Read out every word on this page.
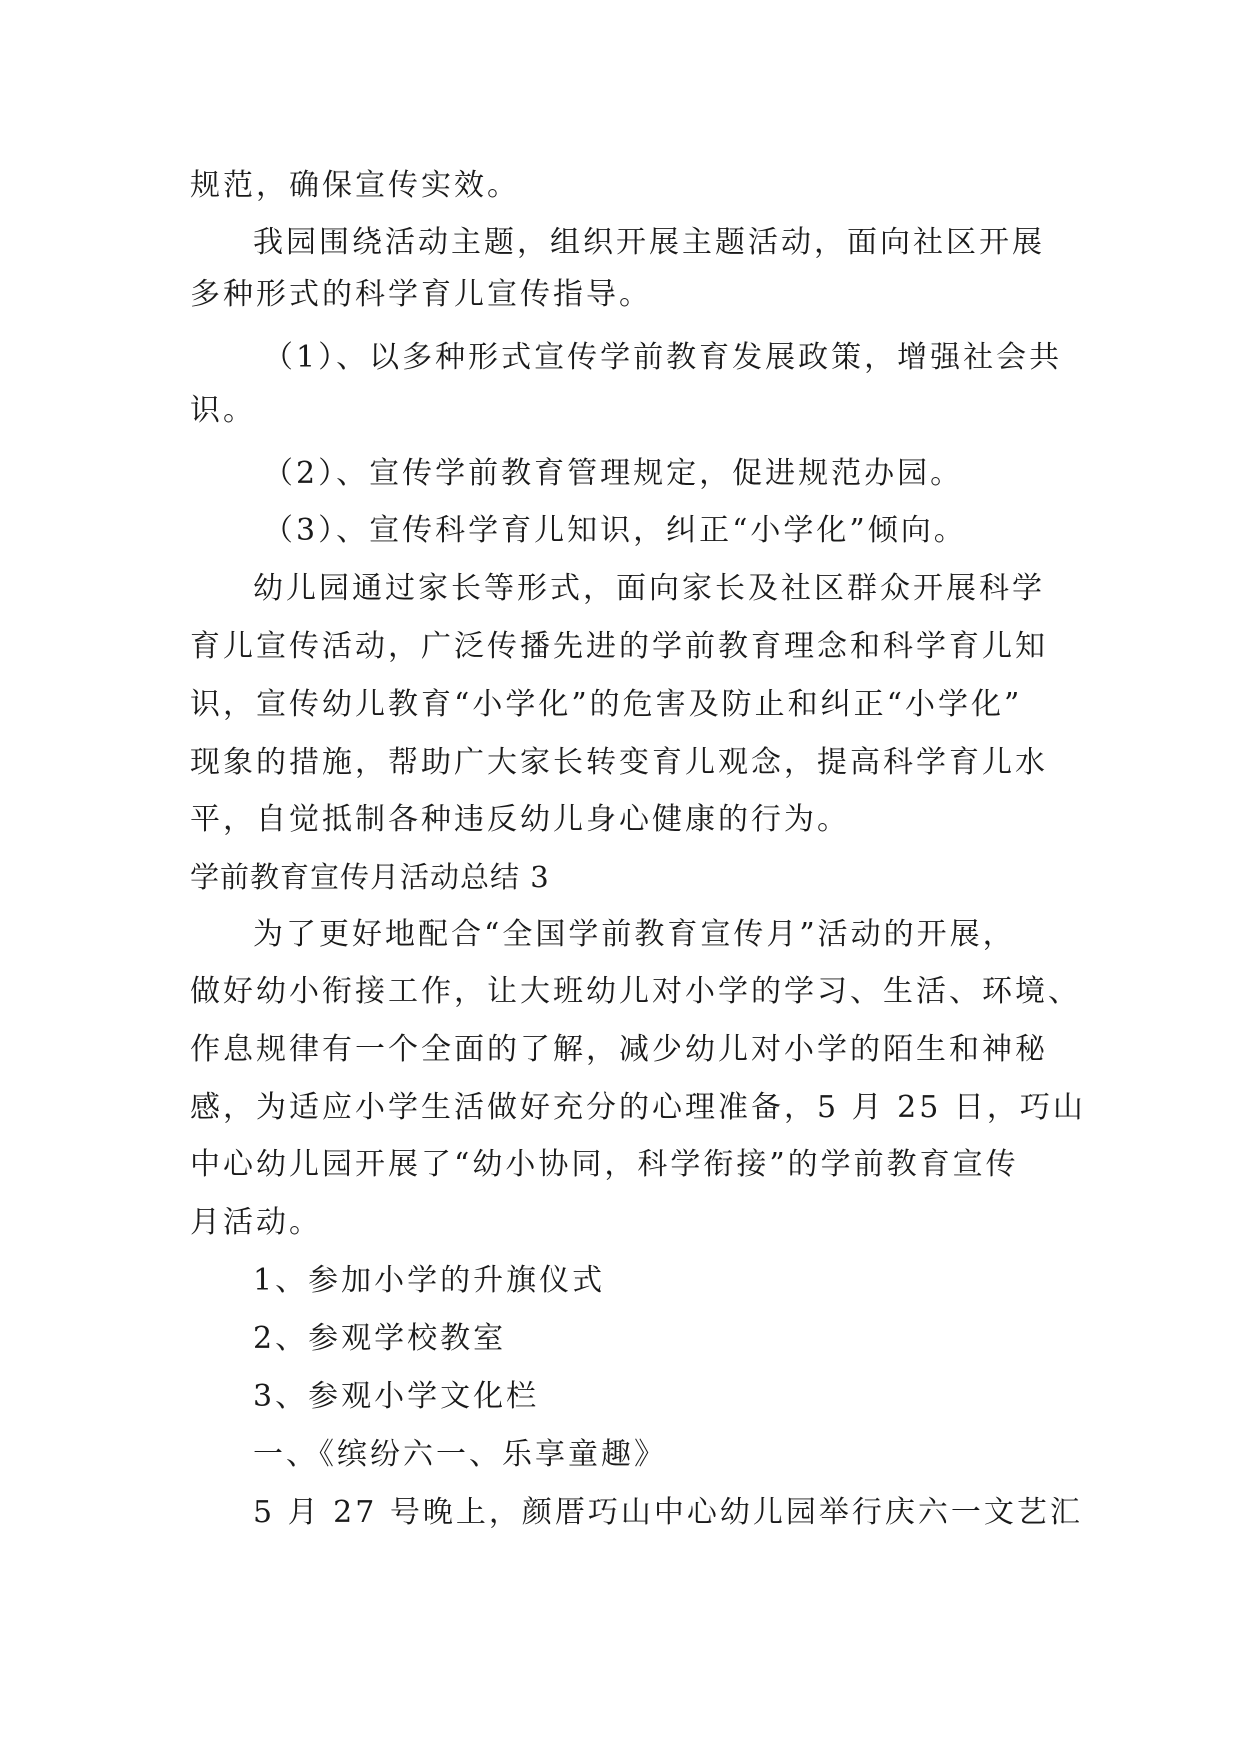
规范，确保宣传实效。
我园围绕活动主题，组织开展主题活动，面向社区开展
多种形式的科学育儿宣传指导。
（1）、以多种形式宣传学前教育发展政策，增强社会共
识。
（2）、宣传学前教育管理规定，促进规范办园。
（3）、宣传科学育儿知识，纠正“小学化”倾向。
幼儿园通过家长等形式，面向家长及社区群众开展科学
育儿宣传活动，广泛传播先进的学前教育理念和科学育儿知
识，宣传幼儿教育“小学化”的危害及防止和纠正“小学化”
现象的措施，帮助广大家长转变育儿观念，提高科学育儿水
平，自觉抵制各种违反幼儿身心健康的行为。
学前教育宣传月活动总结 3
为了更好地配合“全国学前教育宣传月”活动的开展，
做好幼小衔接工作，让大班幼儿对小学的学习、生活、环境、
作息规律有一个全面的了解，减少幼儿对小学的陌生和神秘
感，为适应小学生活做好充分的心理准备，5 月 25 日，巧山
中心幼儿园开展了“幼小协同，科学衔接”的学前教育宣传
月活动。
1、参加小学的升旗仪式
2、参观学校教室
3、参观小学文化栏
一、《缤纷六一、乐享童趣》
5 月 27 号晚上，颜厝巧山中心幼儿园举行庆六一文艺汇
